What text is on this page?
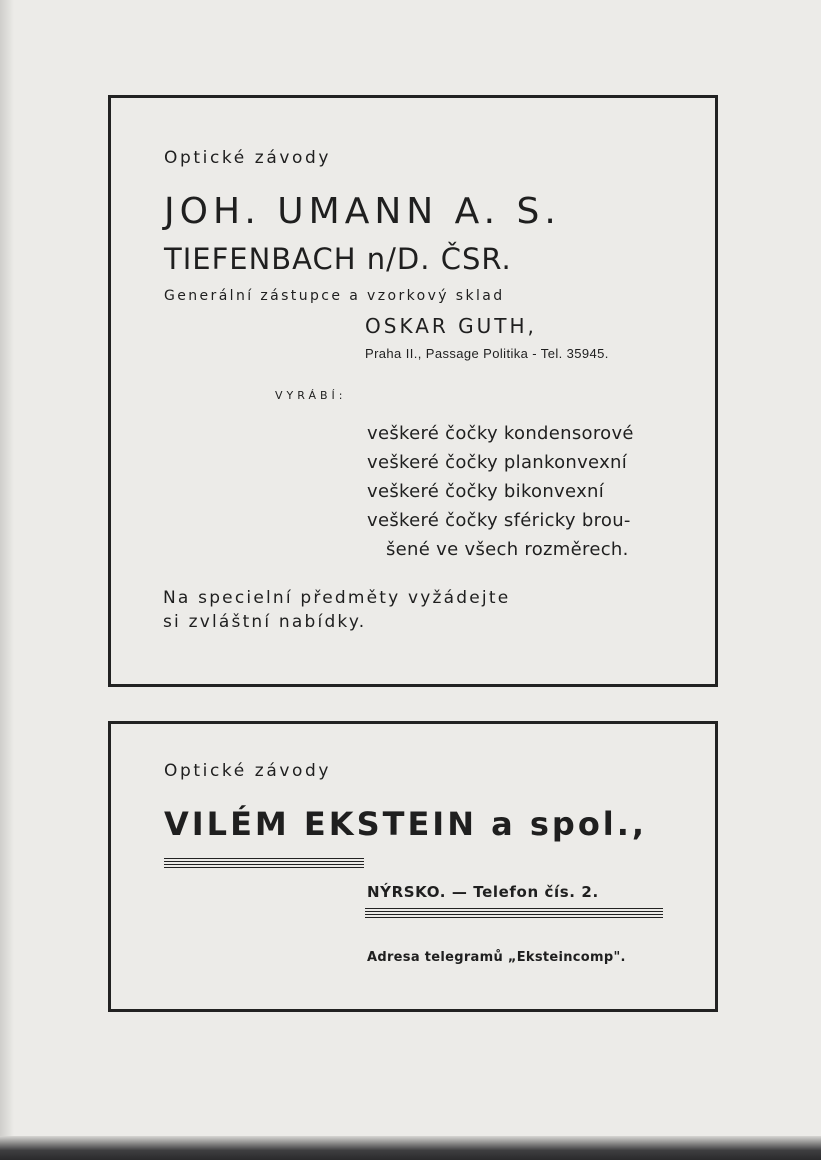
Optické závody
JOH. UMANN A. S.
TIEFENBACH n/D. ČSR.
Generální zástupce a vzorkový sklad
OSKAR GUTH,
Praha II., Passage Politika - Tel. 35945.
VYRÁBÍ:
veškeré čočky kondensorové
veškeré čočky plankonvexní
veškeré čočky bikonvexní
veškeré čočky sféricky brou-
šené ve všech rozměrech.
Na specielní předměty vyžádejte
si zvláštní nabídky.
Optické závody
VILÉM EKSTEIN a spol.,
NÝRSKO. — Telefon čís. 2.
Adresa telegramů „Eksteincomp".
